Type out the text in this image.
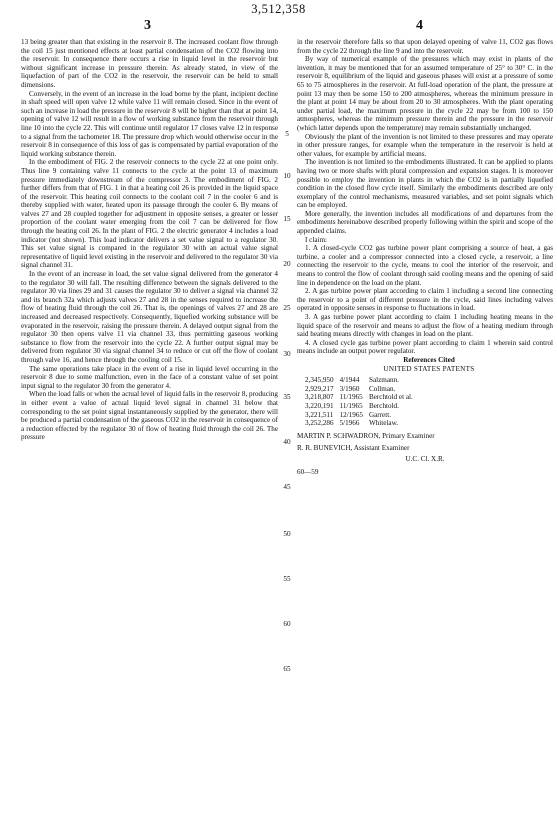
3,512,358
3	4

13 being greater than that existing in the reservoir 8. The increased coolant flow through the coil 15 just mentioned effects at least partial condensation of the CO2 flowing into the reservoir. In consequence there occurs a rise in liquid level in the reservoir but without significant increase in pressure therein. As already stated, in view of the liquefaction of part of the CO2 in the reservoir, the reservoir can be held to small dimensions.

Conversely, in the event of an increase in the load borne by the plant, incipient decline in shaft speed will open valve 12 while valve 11 will remain closed. Since in the event of such an increase in load the pressure in the reservoir 8 will be higher than that at point 14, opening of valve 12 will result in a flow of working substance from the reservoir through line 10 into the cycle 22. This will continue until regulator 17 closes valve 12 in response to a signal from the tachometer 18. The pressure drop which would otherwise occur in the reservoir 8 in consequence of this loss of gas is compensated by partial evaporation of the liquid working substance therein.

In the embodiment of FIG. 2 the reservoir connects to the cycle 22 at one point only. Thus line 9 containing valve 11 connects to the cycle at the point 13 of maximum pressure immediately downstream of the compressor 3. The embodiment of FIG. 2 further differs from that of FIG. 1 in that a heating coil 26 is provided in the liquid space of the reservoir. This heating coil connects to the coolant coil 7 in the cooler 6 and is thereby supplied with water, heated upon its passage through the cooler 6. By means of valves 27 and 28 coupled together for adjustment in opposite senses, a greater or lesser proportion of the coolant water emerging from the coil 7 can be delivered for flow through the heating coil 26. In the plant of FIG. 2 the electric generator 4 includes a load indicator (not shown). This load indicator delivers a set value signal to a regulator 30. This set value signal is compared in the regulator 30 with an actual value signal representative of liquid level existing in the reservoir and delivered to the regulator 30 via signal channel 31.

In the event of an increase in load, the set value signal delivered from the generator 4 to the regulator 30 will fall. The resulting difference between the signals delivered to the regulator 30 via lines 29 and 31 causes the regulator 30 to deliver a signal via channel 32 and its branch 32a which adjusts valves 27 and 28 in the senses required to increase the flow of heating fluid through the coil 26. That is, the openings of valves 27 and 28 are increased and decreased respectively. Consequently, liquefied working substance will be evaporated in the reservoir, raising the pressure therein. A delayed output signal from the regulator 30 then opens valve 11 via channel 33, thus permitting gaseous working substance to flow from the reservoir into the cycle 22. A further output signal may be delivered from regulator 30 via signal channel 34 to reduce or cut off the flow of coolant through valve 16, and hence through the cooling coil 15.

The same operations take place in the event of a rise in liquid level occurring in the reservoir 8 due to some malfunction, even in the face of a constant value of set point input signal to the regulator 30 from the generator 4.

When the load falls or when the actual level of liquid falls in the reservoir 8, producing in either event a value of actual liquid level signal in channel 31 below that corresponding to the set point signal instantaneously supplied by the generator, there will be produced a partial condensation of the gaseous CO2 in the reservoir in consequence of a reduction effected by the regulator 30 of flow of heating fluid through the coil 26. The pressure

5
10
15
20
25
30
35
40
45
50
55
60
65

in the reservoir therefore falls so that upon delayed opening of valve 11, CO2 gas flows from the cycle 22 through the line 9 and into the reservoir.

By way of numerical example of the pressures which may exist in plants of the invention, it may be mentioned that for an assumed temperature of 25° to 30° C. in the reservoir 8, equilibrium of the liquid and gaseous phases will exist at a pressure of some 65 to 75 atmospheres in the reservoir. At full-load operation of the plant, the pressure at point 13 may then be some 150 to 200 atmospheres, whereas the minimum pressure in the plant at point 14 may be about from 20 to 30 atmospheres. With the plant operating under partial load, the maximum pressure in the cycle 22 may be from 100 to 150 atmospheres, whereas the minimum pressure therein and the pressure in the reservoir (which latter depends upon the temperature) may remain substantially unchanged.

Obviously the plant of the invention is not limited to these pressures and may operate in other pressure ranges, for example when the temperature in the reservoir is held at other values, for example by artificial means.

The invention is not limited to the embodiments illustrated. It can be applied to plants having two or more shafts with plural compression and expansion stages. It is moreover possible to employ the invention in plants in which the CO2 is in partially liquefied condition in the closed flow cycle itself. Similarly the embodiments described are only exemplary of the control mechanisms, measured variables, and set point signals which can be employed.

More generally, the invention includes all modifications of and departures from the embodiments hereinabove described properly following within the spirit and scope of the appended claims.

I claim:

1. A closed-cycle CO2 gas turbine power plant comprising a source of heat, a gas turbine, a cooler and a compressor connected into a closed cycle, a reservoir, a line connecting the reservoir to the cycle, means to cool the interior of the reservoir, and means to control the flow of coolant through said cooling means and the opening of said line in dependence on the load on the plant.

2. A gas turbine power plant according to claim 1 including a second line connecting the reservoir to a point of different pressure in the cycle, said lines including valves operated in opposite senses in response to fluctuations in load.

3. A gas turbine power plant according to claim 1 including heating means in the liquid space of the reservoir and means to adjust the flow of a heating medium through said heating means directly with changes in load on the plant.

4. A closed cycle gas turbine power plant according to claim 1 wherein said control means include an output power regulator.

References Cited

UNITED STATES PATENTS

2,345,950	4/1944	Salzmann.
2,929,217	3/1960	Collman.
3,218,807	11/1965	Berchtold et al.
3,220,191	11/1965	Berchtold.
3,221,511	12/1965	Garrett.
3,252,286	5/1966	Whitelaw.

MARTIN P. SCHWADRON, Primary Examiner

R. R. BUNEVICH, Assistant Examiner

U.C. Cl. X.R.

60—59
